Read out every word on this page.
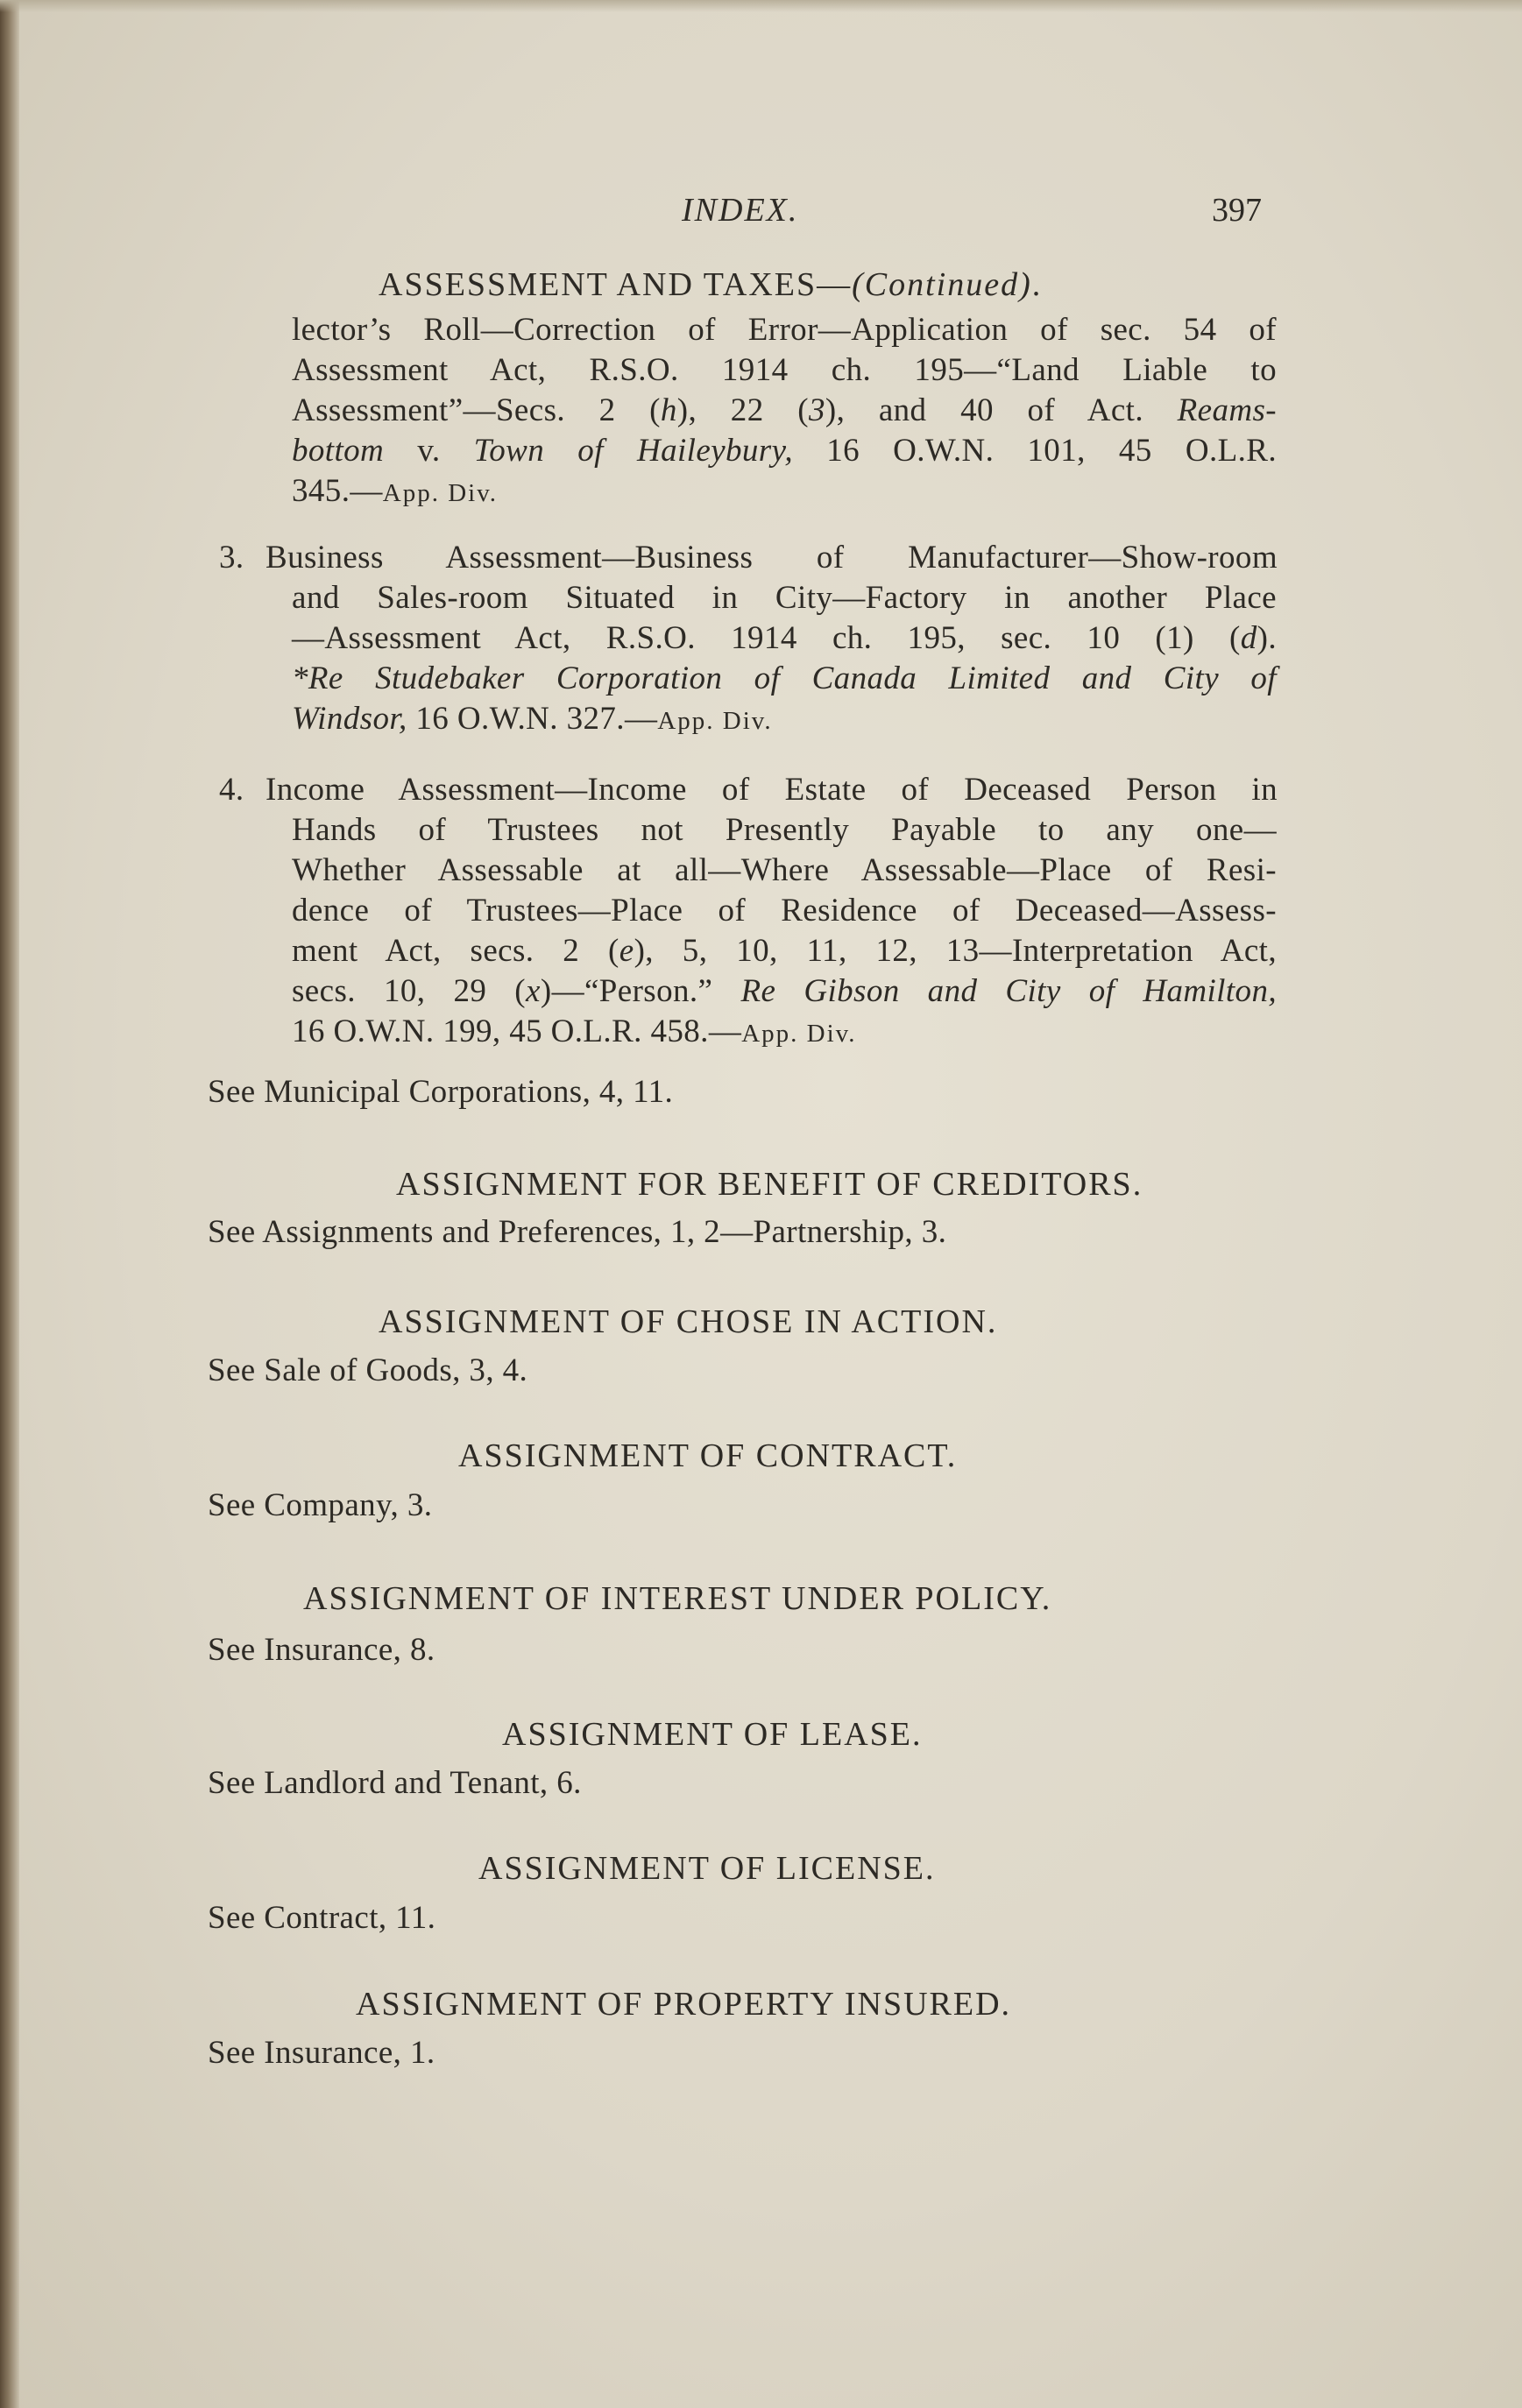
INDEX.	397
ASSESSMENT AND TAXES—(Continued).
lector’s Roll—Correction of Error—Application of sec. 54 of
Assessment Act, R.S.O. 1914 ch. 195—“Land Liable to
Assessment”—Secs. 2 (h), 22 (3), and 40 of Act. Reams-
bottom v. Town of Haileybury, 16 O.W.N. 101, 45 O.L.R.
345.—App. Div.
3. Business Assessment—Business of Manufacturer—Show-room
and Sales-room Situated in City—Factory in another Place
—Assessment Act, R.S.O. 1914 ch. 195, sec. 10 (1) (d).
*Re Studebaker Corporation of Canada Limited and City of
Windsor, 16 O.W.N. 327.—App. Div.
4. Income Assessment—Income of Estate of Deceased Person in
Hands of Trustees not Presently Payable to any one—
Whether Assessable at all—Where Assessable—Place of Resi-
dence of Trustees—Place of Residence of Deceased—Assess-
ment Act, secs. 2 (e), 5, 10, 11, 12, 13—Interpretation Act,
secs. 10, 29 (x)—“Person.” Re Gibson and City of Hamilton,
16 O.W.N. 199, 45 O.L.R. 458.—App. Div.
See Municipal Corporations, 4, 11.
ASSIGNMENT FOR BENEFIT OF CREDITORS.
See Assignments and Preferences, 1, 2—Partnership, 3.
ASSIGNMENT OF CHOSE IN ACTION.
See Sale of Goods, 3, 4.
ASSIGNMENT OF CONTRACT.
See Company, 3.
ASSIGNMENT OF INTEREST UNDER POLICY.
See Insurance, 8.
ASSIGNMENT OF LEASE.
See Landlord and Tenant, 6.
ASSIGNMENT OF LICENSE.
See Contract, 11.
ASSIGNMENT OF PROPERTY INSURED.
See Insurance, 1.
